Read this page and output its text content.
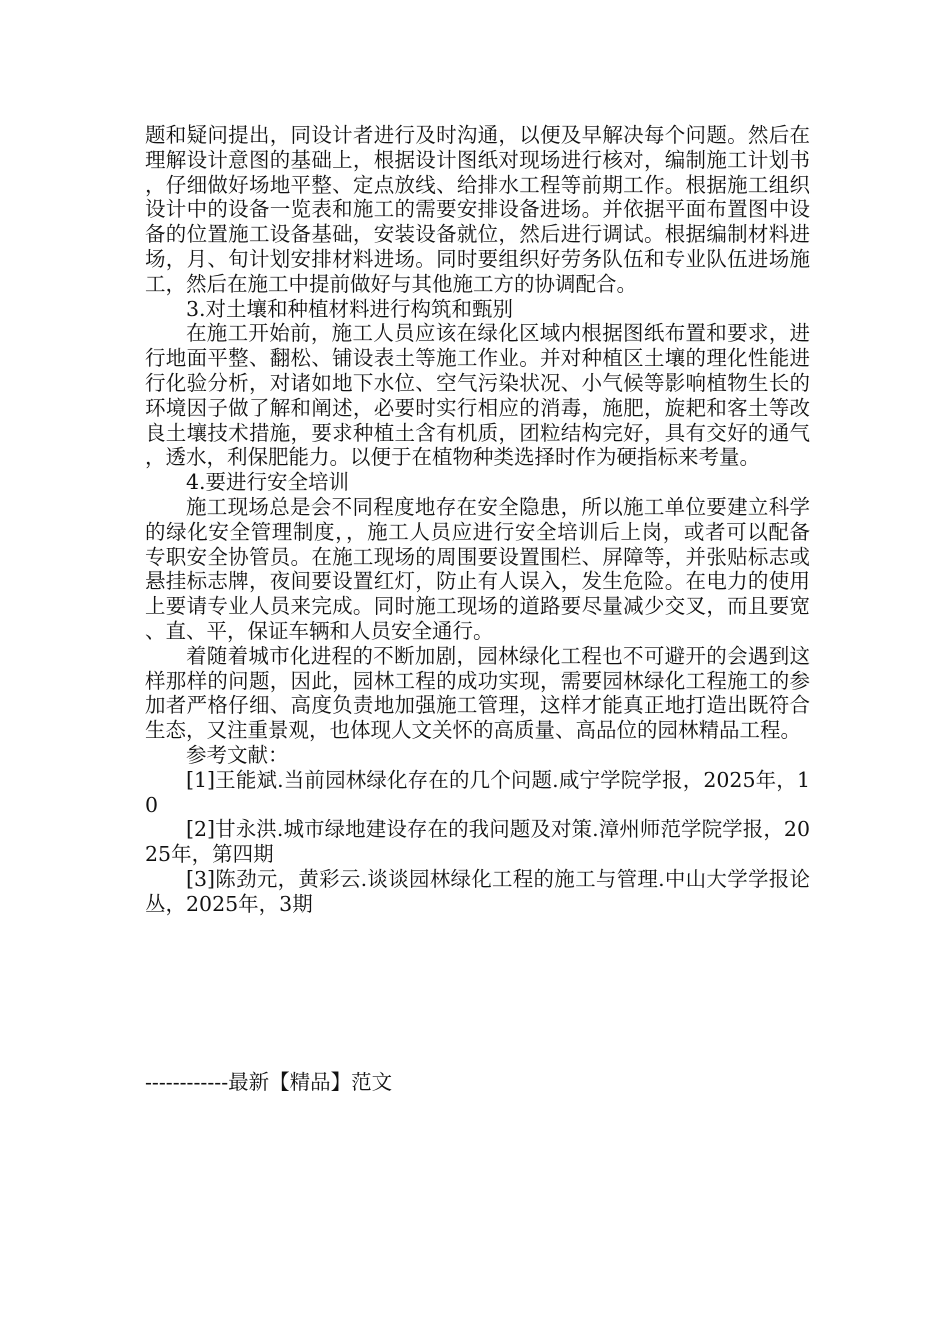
题和疑问提出，同设计者进行及时沟通，以便及早解决每个问题。然后在理解设计意图的基础上，根据设计图纸对现场进行核对，编制施工计划书，仔细做好场地平整、定点放线、给排水工程等前期工作。根据施工组织设计中的设备一览表和施工的需要安排设备进场。并依据平面布置图中设备的位置施工设备基础，安装设备就位，然后进行调试。根据编制材料进场，月、旬计划安排材料进场。同时要组织好劳务队伍和专业队伍进场施工，然后在施工中提前做好与其他施工方的协调配合。

3.对土壤和种植材料进行构筑和甄别

在施工开始前，施工人员应该在绿化区域内根据图纸布置和要求，进行地面平整、翻松、铺设表土等施工作业。并对种植区土壤的理化性能进行化验分析，对诸如地下水位、空气污染状况、小气候等影响植物生长的环境因子做了解和阐述，必要时实行相应的消毒，施肥，旋耙和客土等改良土壤技术措施，要求种植土含有机质，团粒结构完好，具有交好的通气，透水，利保肥能力。以便于在植物种类选择时作为硬指标来考量。

4.要进行安全培训

施工现场总是会不同程度地存在安全隐患，所以施工单位要建立科学的绿化安全管理制度，，施工人员应进行安全培训后上岗，或者可以配备专职安全协管员。在施工现场的周围要设置围栏、屏障等，并张贴标志或悬挂标志牌，夜间要设置红灯，防止有人误入，发生危险。在电力的使用上要请专业人员来完成。同时施工现场的道路要尽量减少交叉，而且要宽、直、平，保证车辆和人员安全通行。

着随着城市化进程的不断加剧，园林绿化工程也不可避开的会遇到这样那样的问题，因此，园林工程的成功实现，需要园林绿化工程施工的参加者严格仔细、高度负责地加强施工管理，这样才能真正地打造出既符合生态，又注重景观，也体现人文关怀的高质量、高品位的园林精品工程。

参考文献：

[1]王能斌.当前园林绿化存在的几个问题.咸宁学院学报，2025年，10

[2]甘永洪.城市绿地建设存在的我问题及对策.漳州师范学院学报，2025年，第四期

[3]陈劲元，黄彩云.谈谈园林绿化工程的施工与管理.中山大学学报论丛，2025年，3期

------------最新【精品】范文
